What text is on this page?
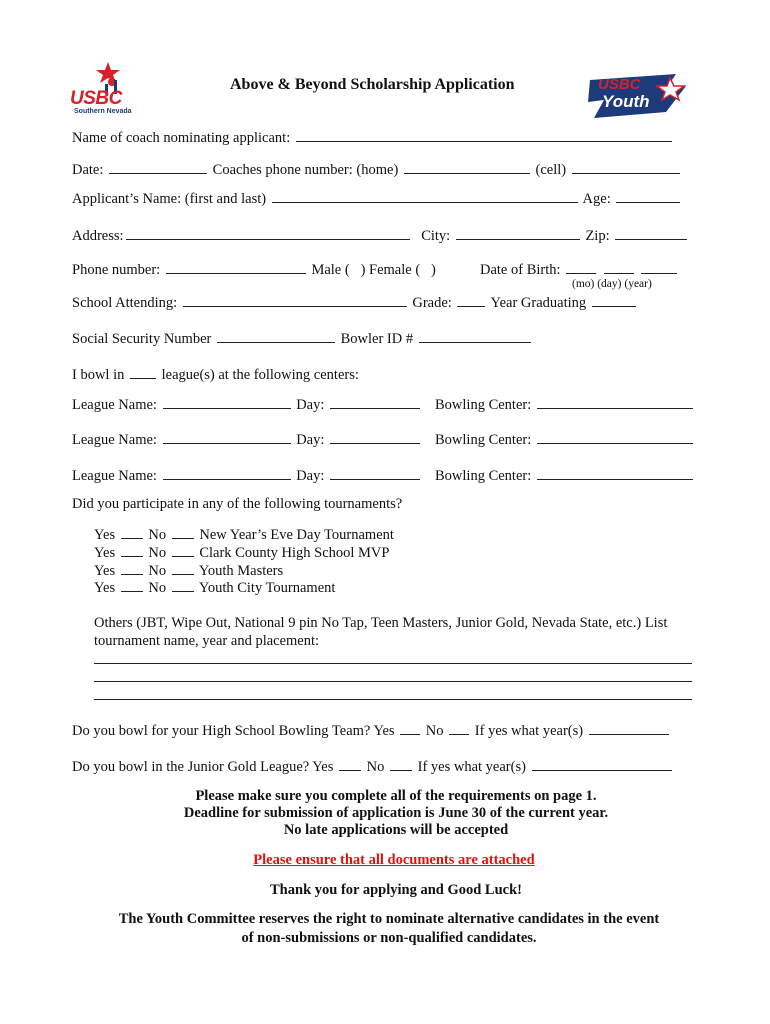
USBC
Southern Nevada
Above & Beyond Scholarship Application	USBC
Youth
Name of coach nominating applicant:
Date:	Coaches phone number: (home)	(cell)
Applicant’s Name: (first and last)	Age:
Address:	City:	Zip:
Phone number:	Male ( ) Female ( )	Date of Birth:
(mo) (day) (year)
School Attending:	Grade:	Year Graduating
Social Security Number	Bowler ID #
I bowl in	league(s) at the following centers:
League Name:	Day:	Bowling Center:
League Name:	Day:	Bowling Center:
League Name:	Day:	Bowling Center:
Did you participate in any of the following tournaments?
Yes No New Year’s Eve Day Tournament
Yes No Clark County High School MVP
Yes No Youth Masters
Yes No Youth City Tournament
Others (JBT, Wipe Out, National 9 pin No Tap, Teen Masters, Junior Gold, Nevada State, etc.) List
tournament name, year and placement:
Do you bowl for your High School Bowling Team? Yes No If yes what year(s)
Do you bowl in the Junior Gold League? Yes No If yes what year(s)
Please make sure you complete all of the requirements on page 1.
Deadline for submission of application is June 30 of the current year.
No late applications will be accepted
Please ensure that all documents are attached
Thank you for applying and Good Luck!
The Youth Committee reserves the right to nominate alternative candidates in the event
of non-submissions or non-qualified candidates.
